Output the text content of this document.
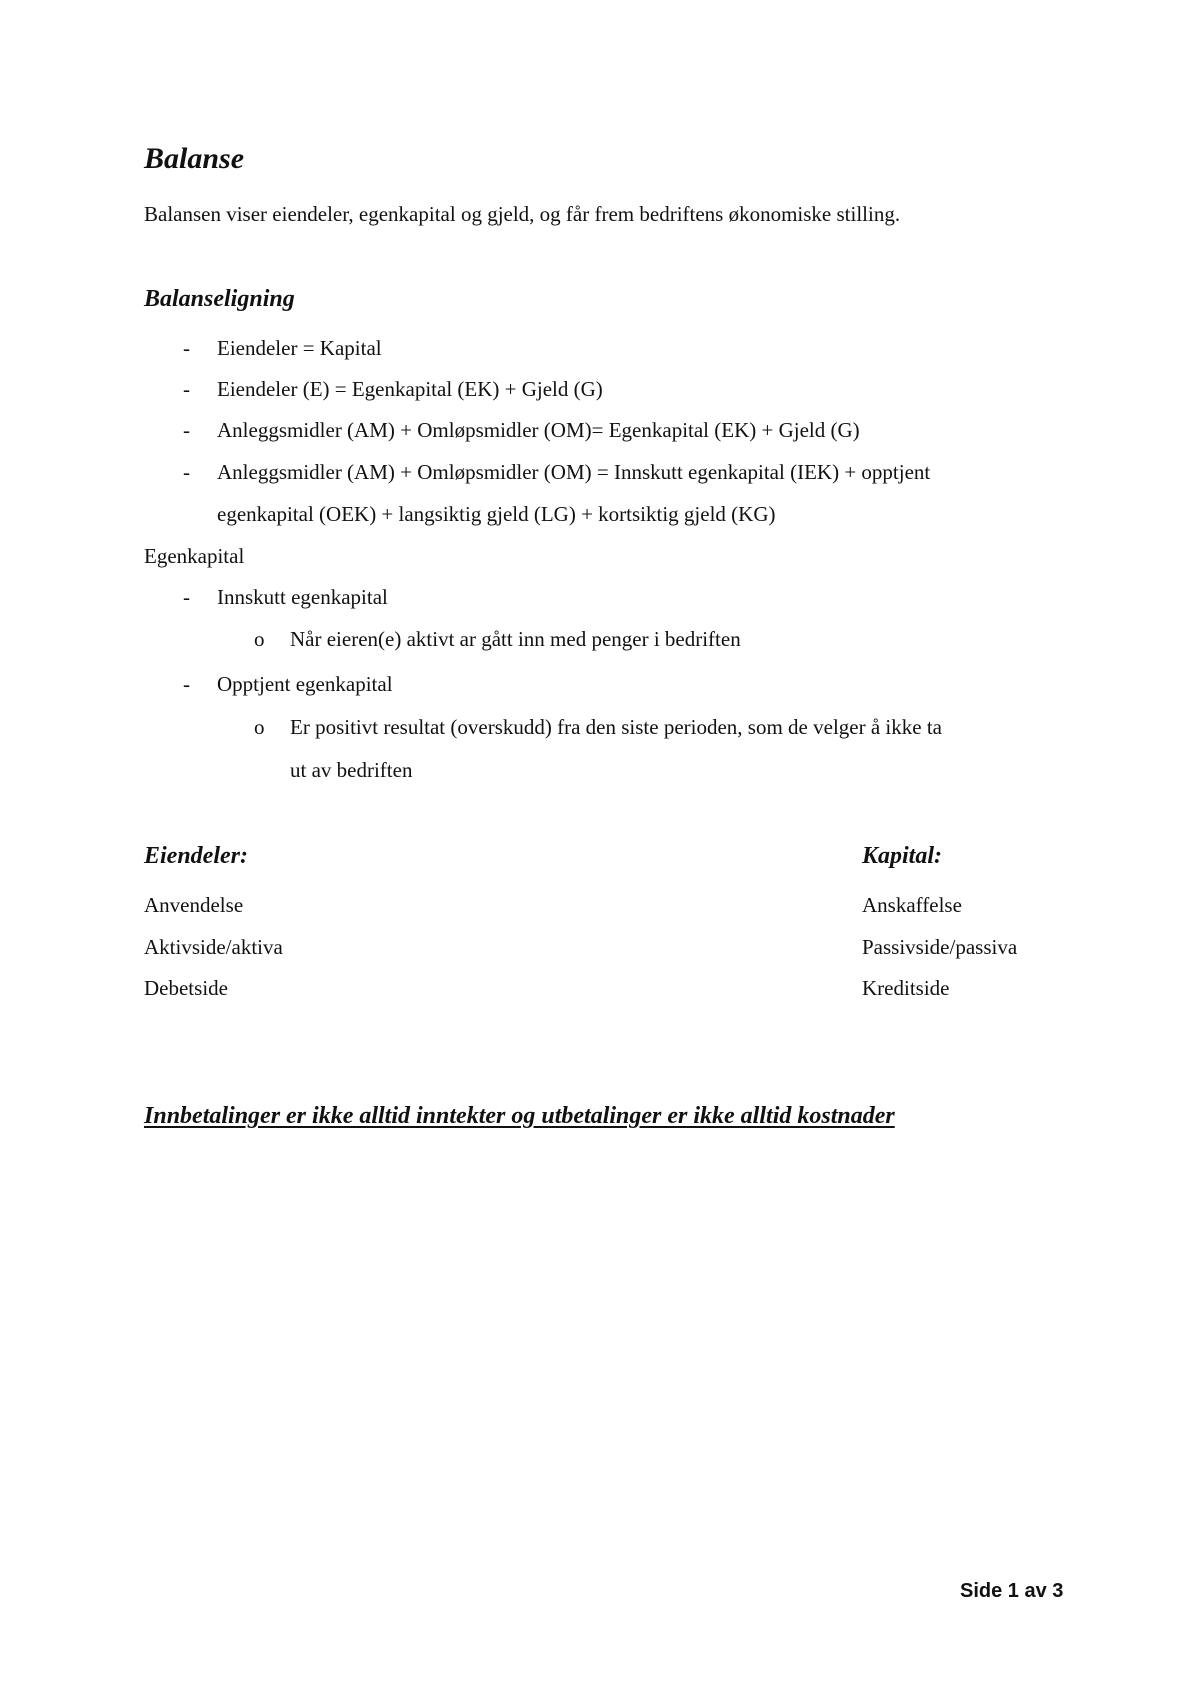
Balanse
Balansen viser eiendeler, egenkapital og gjeld, og får frem bedriftens økonomiske stilling.
Balanseligning
- Eiendeler = Kapital
- Eiendeler (E) = Egenkapital (EK) + Gjeld (G)
- Anleggsmidler (AM) + Omløpsmidler (OM)= Egenkapital (EK) + Gjeld (G)
- Anleggsmidler (AM) + Omløpsmidler (OM) = Innskutt egenkapital (IEK) + opptjent
egenkapital (OEK) + langsiktig gjeld (LG) + kortsiktig gjeld (KG)
Egenkapital
- Innskutt egenkapital
o Når eieren(e) aktivt ar gått inn med penger i bedriften
- Opptjent egenkapital
o Er positivt resultat (overskudd) fra den siste perioden, som de velger å ikke ta
ut av bedriften
Eiendeler:
Anvendelse
Aktivside/aktiva
Debetside
Kapital:
Anskaffelse
Passivside/passiva
Kreditside
Innbetalinger er ikke alltid inntekter og utbetalinger er ikke alltid kostnader
Side 1 av 3
